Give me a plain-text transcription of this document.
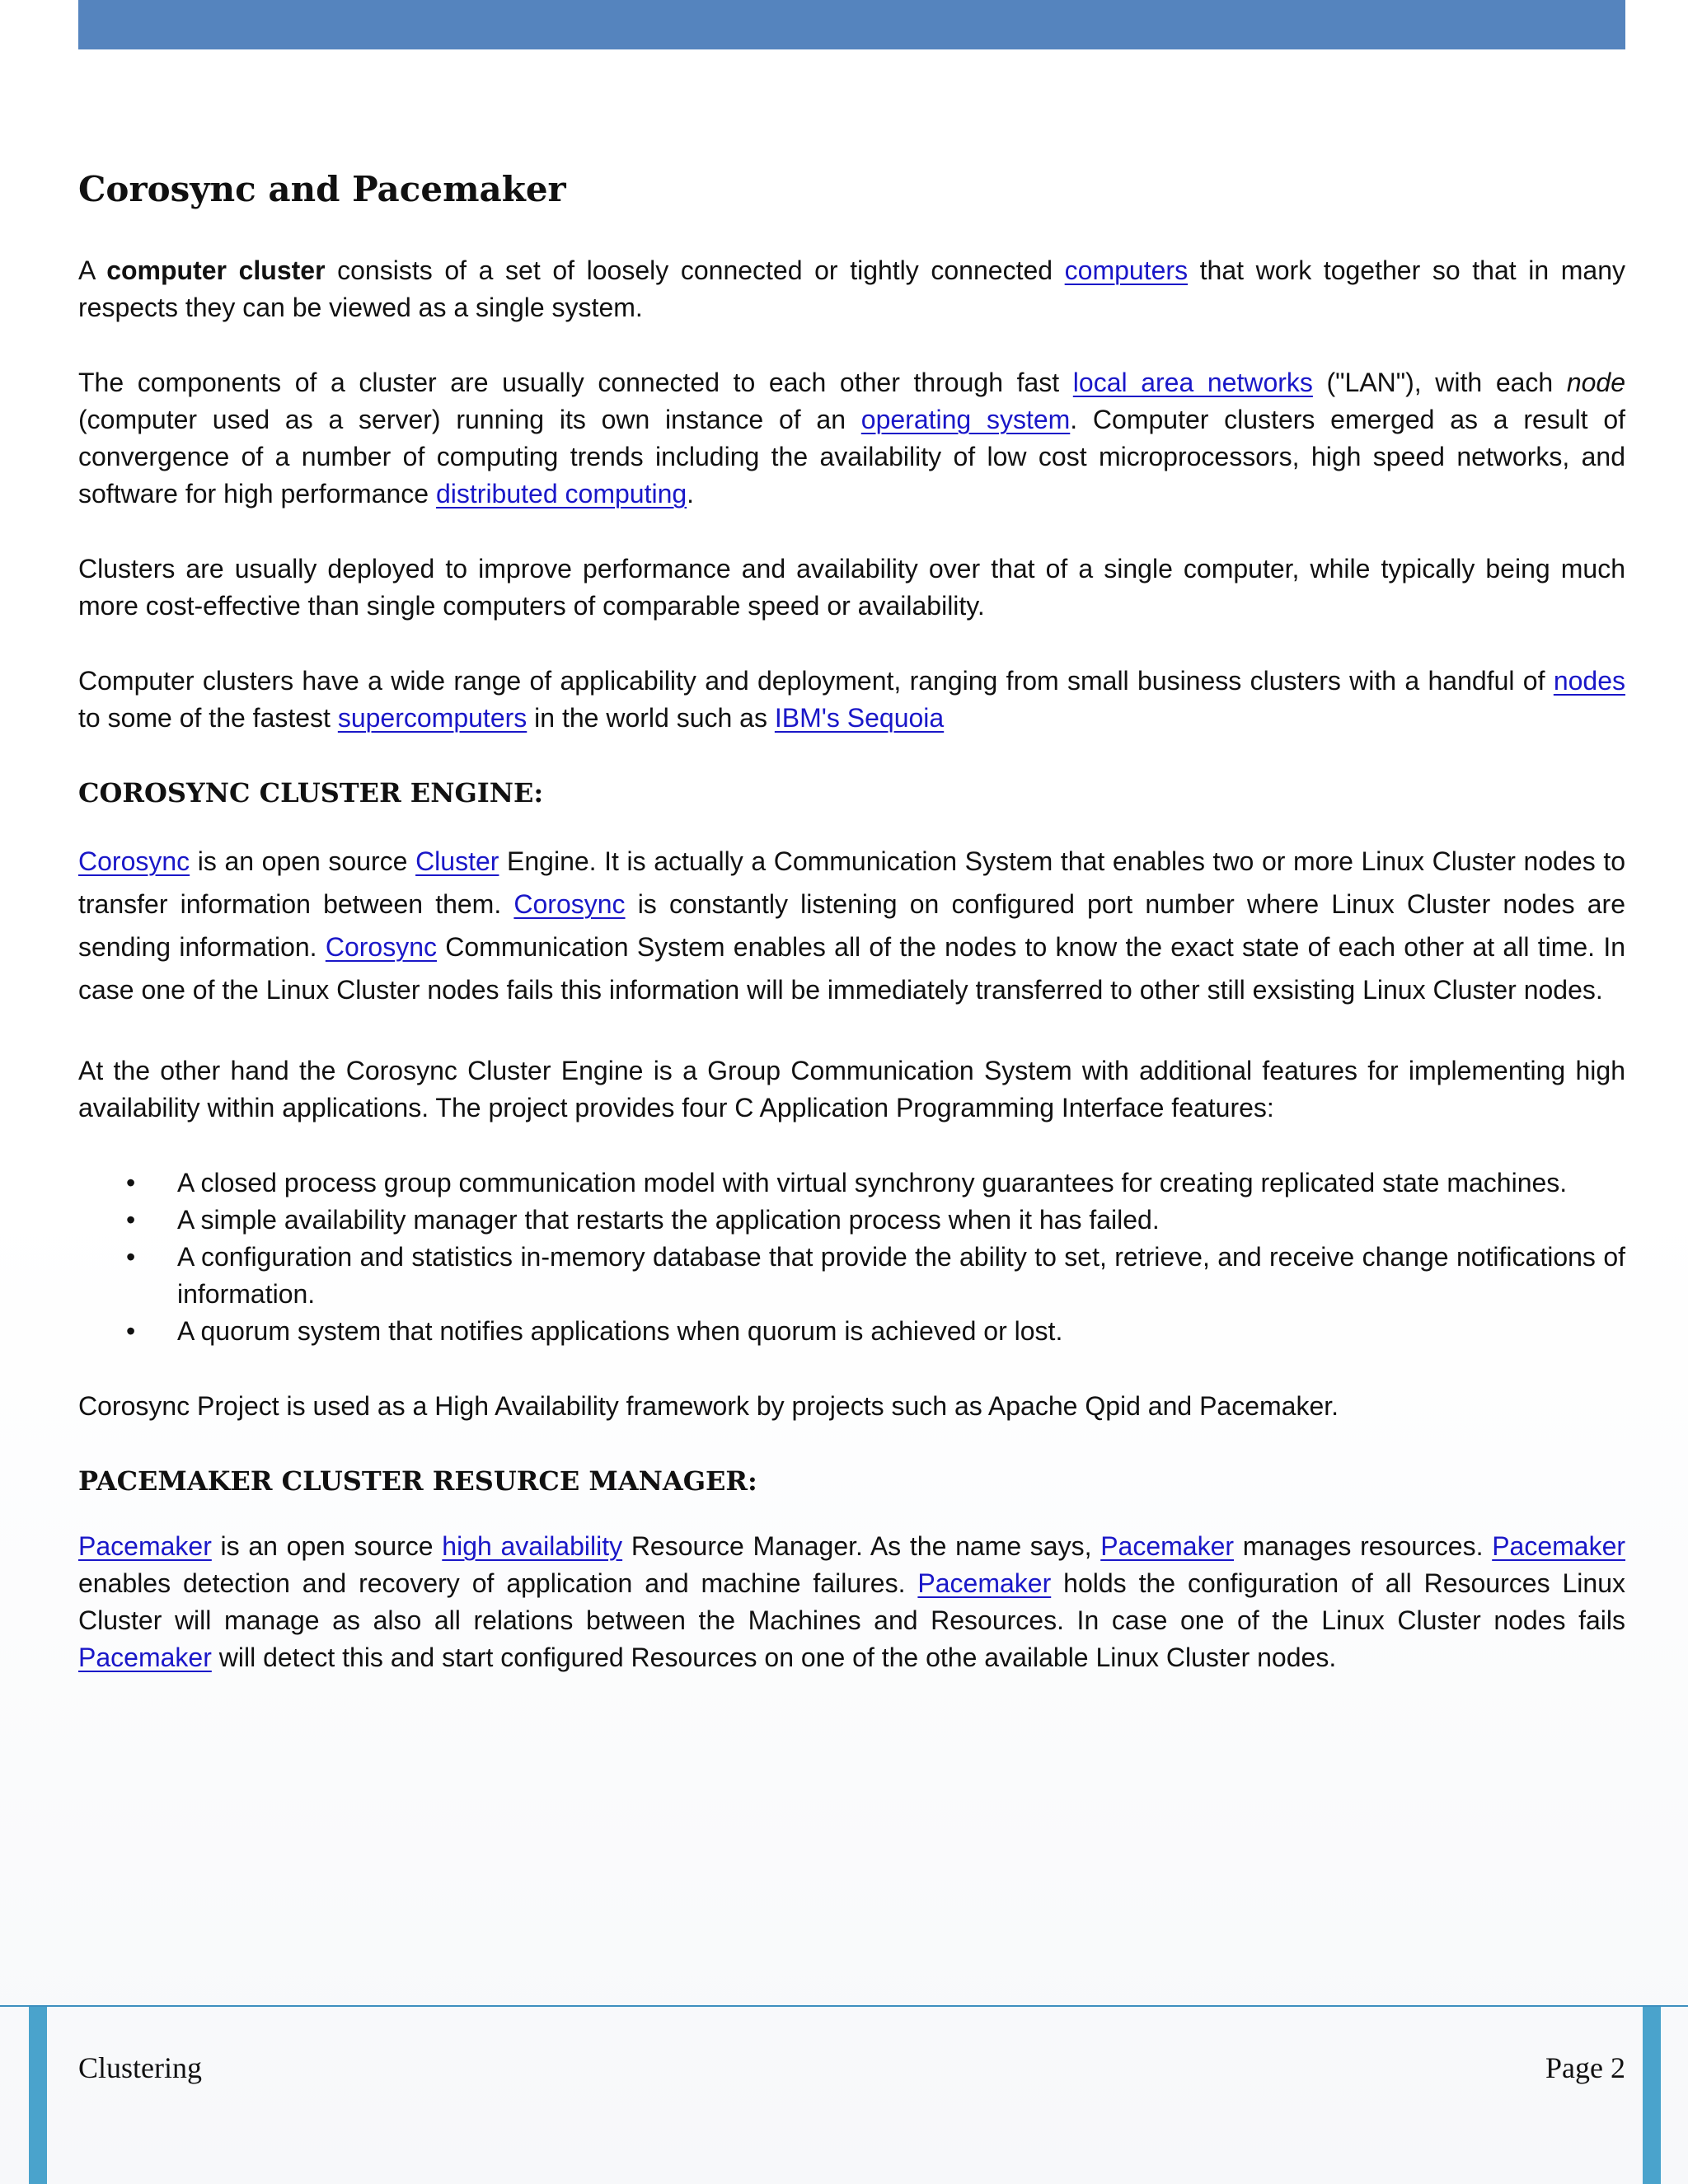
Corosync and Pacemaker

A computer cluster consists of a set of loosely connected or tightly connected computers that work together so that in many respects they can be viewed as a single system.

The components of a cluster are usually connected to each other through fast local area networks ("LAN"), with each node (computer used as a server) running its own instance of an operating system. Computer clusters emerged as a result of convergence of a number of computing trends including the availability of low cost microprocessors, high speed networks, and software for high performance distributed computing.

Clusters are usually deployed to improve performance and availability over that of a single computer, while typically being much more cost-effective than single computers of comparable speed or availability.

Computer clusters have a wide range of applicability and deployment, ranging from small business clusters with a handful of nodes to some of the fastest supercomputers in the world such as IBM's Sequoia

COROSYNC CLUSTER ENGINE:

Corosync is an open source Cluster Engine. It is actually a Communication System that enables two or more Linux Cluster nodes to transfer information between them. Corosync is constantly listening on configured port number where Linux Cluster nodes are sending information. Corosync Communication System enables all of the nodes to know the exact state of each other at all time. In case one of the Linux Cluster nodes fails this information will be immediately transferred to other still exsisting Linux Cluster nodes.

At the other hand the Corosync Cluster Engine is a Group Communication System with additional features for implementing high availability within applications. The project provides four C Application Programming Interface features:

• A closed process group communication model with virtual synchrony guarantees for creating replicated state machines.
• A simple availability manager that restarts the application process when it has failed.
• A configuration and statistics in-memory database that provide the ability to set, retrieve, and receive change notifications of information.
• A quorum system that notifies applications when quorum is achieved or lost.

Corosync Project is used as a High Availability framework by projects such as Apache Qpid and Pacemaker.

PACEMAKER CLUSTER RESURCE MANAGER:

Pacemaker is an open source high availability Resource Manager. As the name says, Pacemaker manages resources. Pacemaker enables detection and recovery of application and machine failures. Pacemaker holds the configuration of all Resources Linux Cluster will manage as also all relations between the Machines and Resources. In case one of the Linux Cluster nodes fails Pacemaker will detect this and start configured Resources on one of the othe available Linux Cluster nodes.

Clustering	Page 2
